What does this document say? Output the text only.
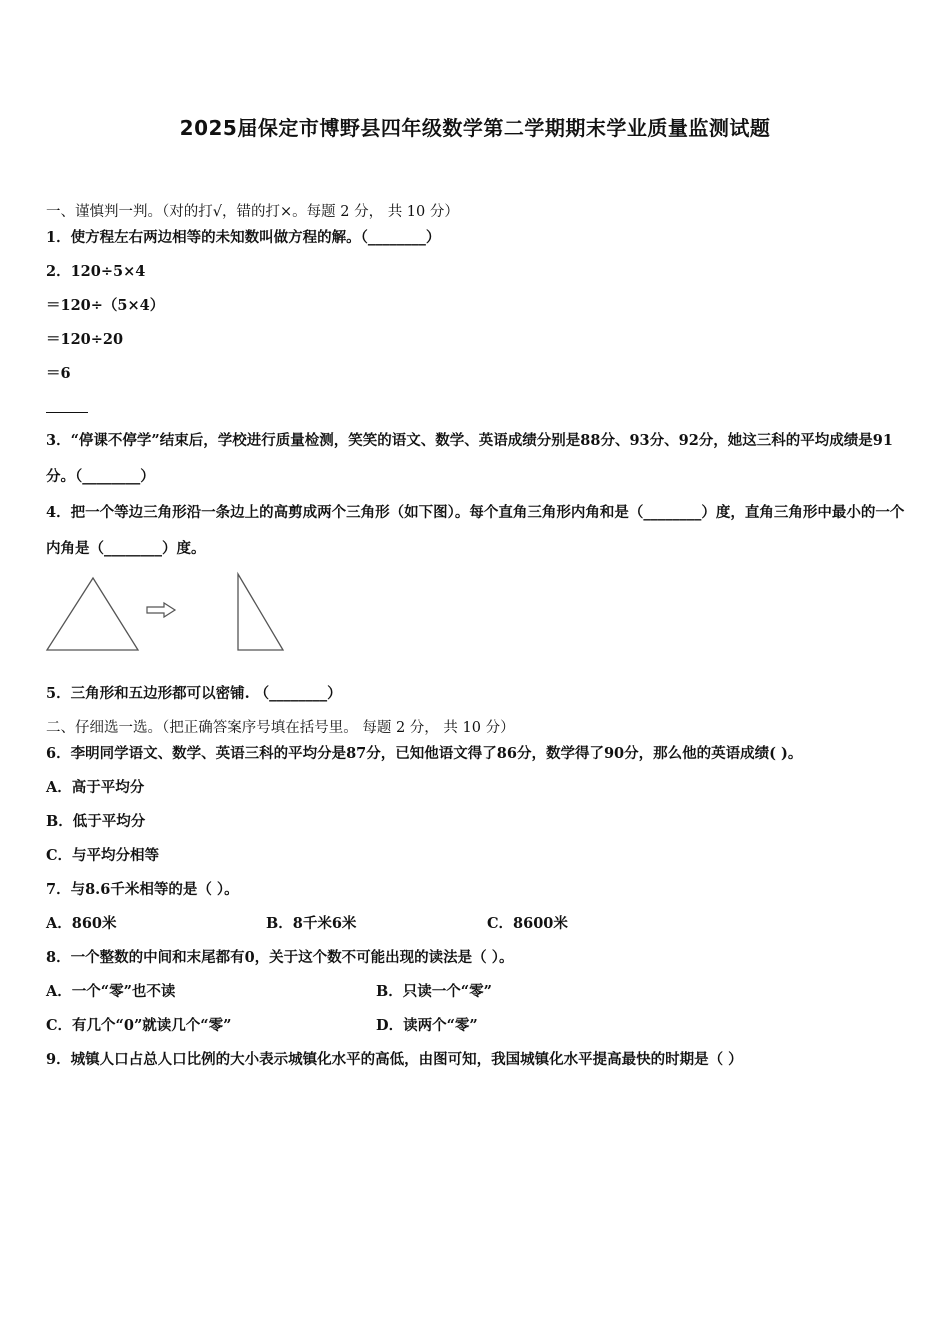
2025届保定市博野县四年级数学第二学期期末学业质量监测试题
一、谨慎判一判。（对的打√，错的打×。每题 2 分， 共 10 分）
1．使方程左右两边相等的未知数叫做方程的解。（________）
2．120÷5×4
＝120÷（5×4）
＝120÷20
＝6
3．“停课不停学”结束后，学校进行质量检测，笑笑的语文、数学、英语成绩分别是88分、93分、92分，她这三科的平均成绩是91分。（________）
4．把一个等边三角形沿一条边上的高剪成两个三角形（如下图）。每个直角三角形内角和是（________）度，直角三角形中最小的一个内角是（________）度。
5．三角形和五边形都可以密铺. （________）
二、仔细选一选。（把正确答案序号填在括号里。 每题 2 分， 共 10 分）
6．李明同学语文、数学、英语三科的平均分是87分，已知他语文得了86分，数学得了90分，那么他的英语成绩( )。
A．高于平均分
B．低于平均分
C．与平均分相等
7．与8.6千米相等的是（ ）。
A．860米	B．8千米6米	C．8600米
8．一个整数的中间和末尾都有0，关于这个数不可能出现的读法是（ ）。
A．一个“零”也不读	B．只读一个“零”
C．有几个“0”就读几个“零”	D．读两个“零”
9．城镇人口占总人口比例的大小表示城镇化水平的高低，由图可知，我国城镇化水平提高最快的时期是（ ）
